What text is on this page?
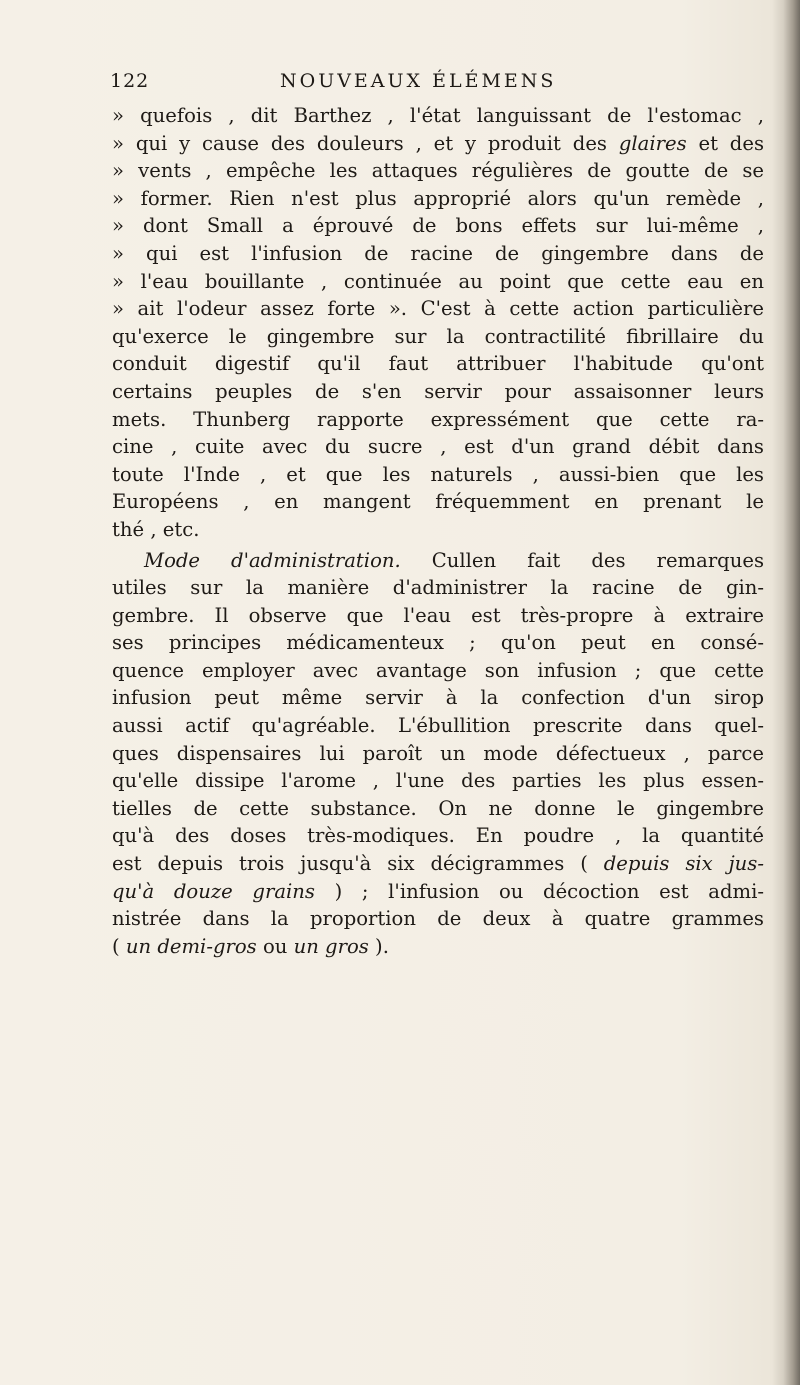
122	NOUVEAUX ÉLÉMENS
» quefois , dit Barthez , l'état languissant de l'estomac ,
» qui y cause des douleurs , et y produit des glaires et des
» vents , empêche les attaques régulières de goutte de se
» former. Rien n'est plus approprié alors qu'un remède ,
» dont Small a éprouvé de bons effets sur lui-même ,
» qui est l'infusion de racine de gingembre dans de
» l'eau bouillante , continuée au point que cette eau en
» ait l'odeur assez forte ». C'est à cette action particulière
qu'exerce le gingembre sur la contractilité fibrillaire du
conduit digestif qu'il faut attribuer l'habitude qu'ont
certains peuples de s'en servir pour assaisonner leurs
mets. Thunberg rapporte expressément que cette ra-
cine , cuite avec du sucre , est d'un grand débit dans
toute l'Inde , et que les naturels , aussi-bien que les
Européens , en mangent fréquemment en prenant le
thé , etc.
Mode d'administration. Cullen fait des remarques
utiles sur la manière d'administrer la racine de gin-
gembre. Il observe que l'eau est très-propre à extraire
ses principes médicamenteux ; qu'on peut en consé-
quence employer avec avantage son infusion ; que cette
infusion peut même servir à la confection d'un sirop
aussi actif qu'agréable. L'ébullition prescrite dans quel-
ques dispensaires lui paroît un mode défectueux , parce
qu'elle dissipe l'arome , l'une des parties les plus essen-
tielles de cette substance. On ne donne le gingembre
qu'à des doses très-modiques. En poudre , la quantité
est depuis trois jusqu'à six décigrammes ( depuis six jus-
qu'à douze grains ) ; l'infusion ou décoction est admi-
nistrée dans la proportion de deux à quatre grammes
( un demi-gros ou un gros ).
